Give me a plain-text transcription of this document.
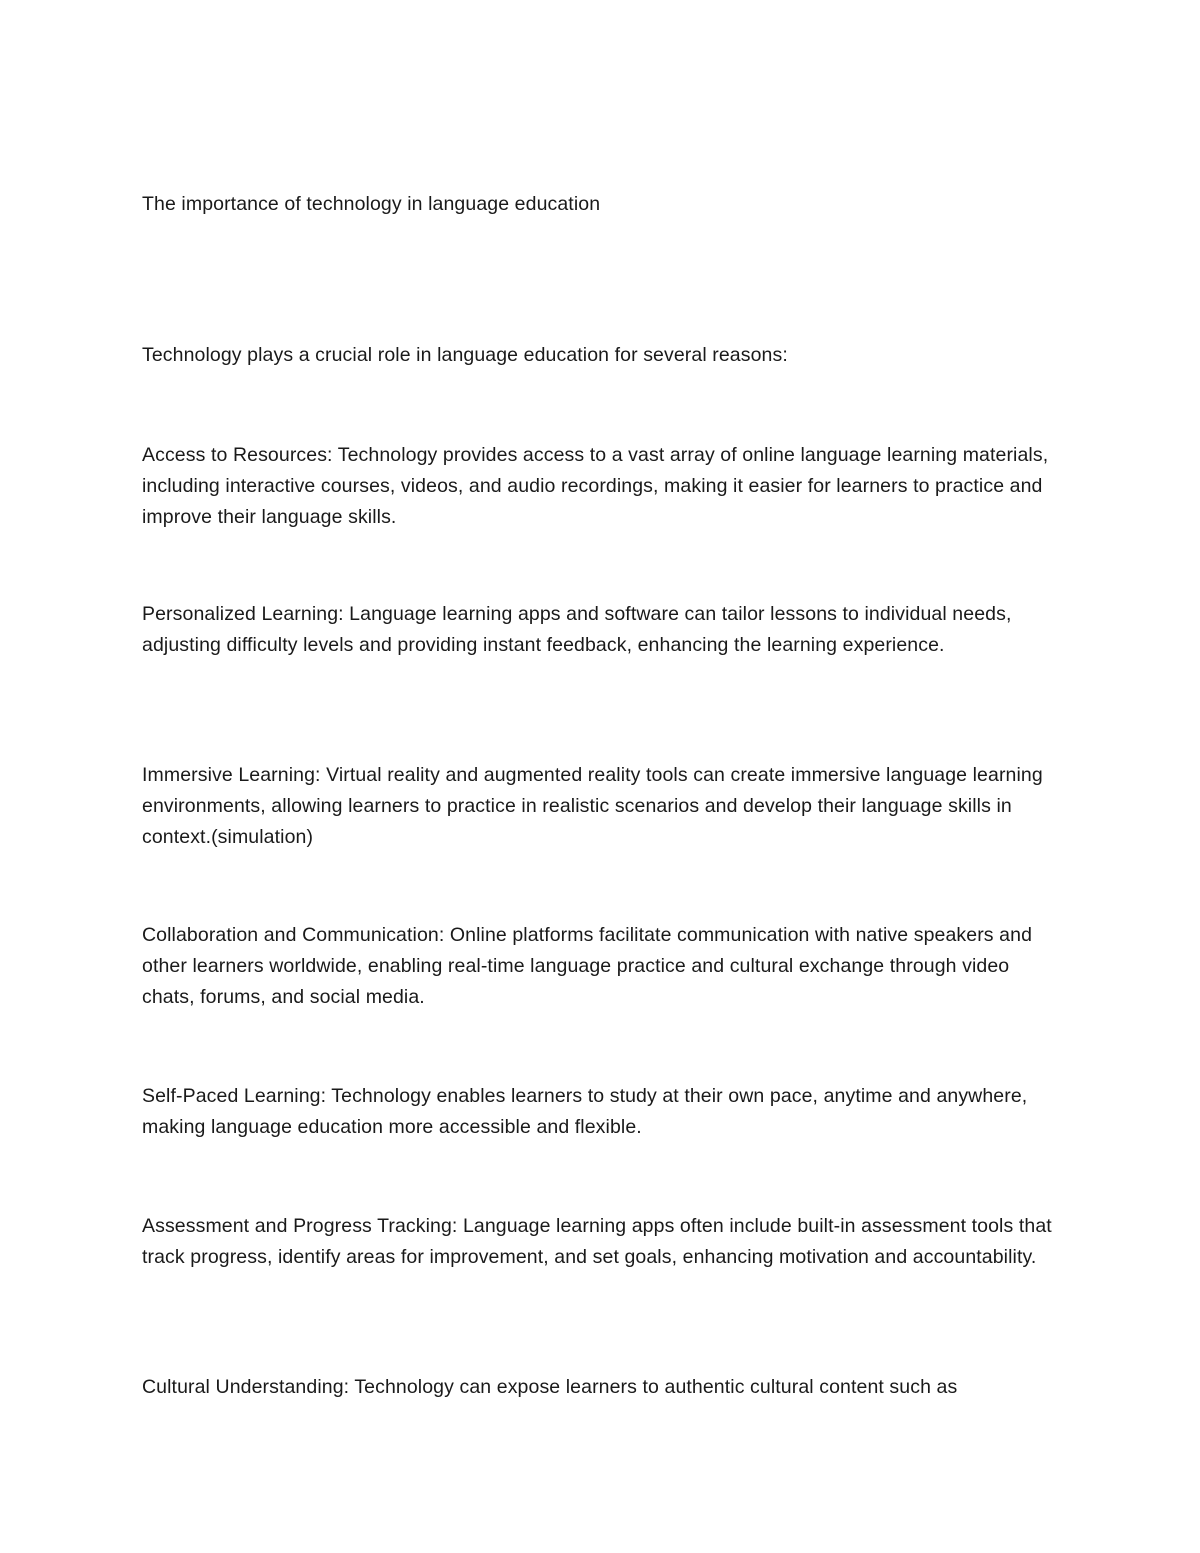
The importance of technology in language education

Technology plays a crucial role in language education for several reasons:

Access to Resources: Technology provides access to a vast array of online language learning materials, including interactive courses, videos, and audio recordings, making it easier for learners to practice and improve their language skills.

Personalized Learning: Language learning apps and software can tailor lessons to individual needs, adjusting difficulty levels and providing instant feedback, enhancing the learning experience.

Immersive Learning: Virtual reality and augmented reality tools can create immersive language learning environments, allowing learners to practice in realistic scenarios and develop their language skills in context.(simulation)

Collaboration and Communication: Online platforms facilitate communication with native speakers and other learners worldwide, enabling real-time language practice and cultural exchange through video chats, forums, and social media.

Self-Paced Learning: Technology enables learners to study at their own pace, anytime and anywhere, making language education more accessible and flexible.

Assessment and Progress Tracking: Language learning apps often include built-in assessment tools that track progress, identify areas for improvement, and set goals, enhancing motivation and accountability.

Cultural Understanding: Technology can expose learners to authentic cultural content such as
